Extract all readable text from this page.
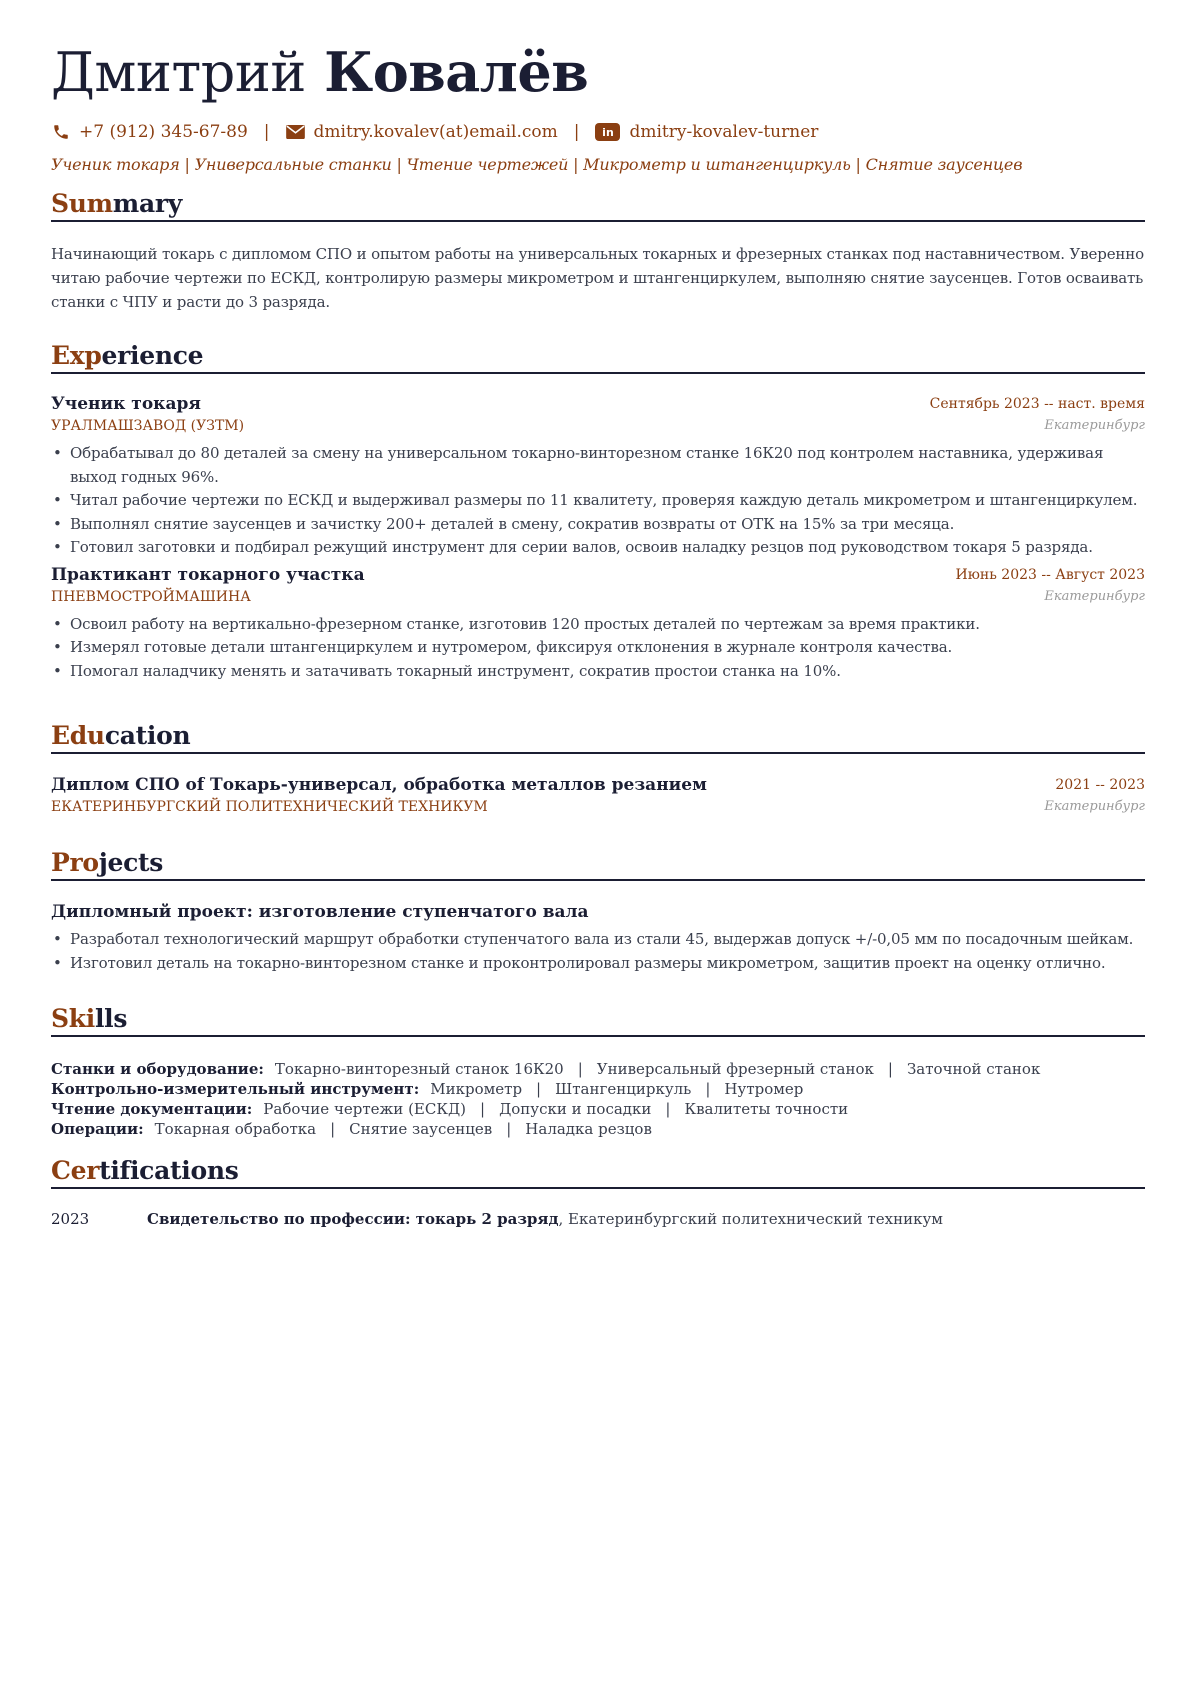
Дмитрий Ковалёв
+7 (912) 345-67-89 |	dmitry.kovalev(at)email.com |	in dmitry-kovalev-turner
Ученик токаря | Универсальные станки | Чтение чертежей | Микрометр и штангенциркуль | Снятие заусенцев
Summary
Начинающий токарь с дипломом СПО и опытом работы на универсальных токарных и фрезерных станках под наставничеством. Уверенно читаю рабочие чертежи по ЕСКД, контролирую размеры микрометром и штангенциркулем, выполняю снятие заусенцев. Готов осваивать станки с ЧПУ и расти до 3 разряда.
Experience
Ученик токаря	Сентябрь 2023 -- наст. время
УРАЛМАШЗАВОД (УЗТМ)	Екатеринбург
• Обрабатывал до 80 деталей за смену на универсальном токарно-винторезном станке 16К20 под контролем наставника, удерживая выход годных 96%.
• Читал рабочие чертежи по ЕСКД и выдерживал размеры по 11 квалитету, проверяя каждую деталь микрометром и штангенциркулем.
• Выполнял снятие заусенцев и зачистку 200+ деталей в смену, сократив возвраты от ОТК на 15% за три месяца.
• Готовил заготовки и подбирал режущий инструмент для серии валов, освоив наладку резцов под руководством токаря 5 разряда.
Практикант токарного участка	Июнь 2023 -- Август 2023
ПНЕВМОСТРОЙМАШИНА	Екатеринбург
• Освоил работу на вертикально-фрезерном станке, изготовив 120 простых деталей по чертежам за время практики.
• Измерял готовые детали штангенциркулем и нутромером, фиксируя отклонения в журнале контроля качества.
• Помогал наладчику менять и затачивать токарный инструмент, сократив простои станка на 10%.
Education
Диплом СПО of Токарь-универсал, обработка металлов резанием	2021 -- 2023
ЕКАТЕРИНБУРГСКИЙ ПОЛИТЕХНИЧЕСКИЙ ТЕХНИКУМ	Екатеринбург
Projects
Дипломный проект: изготовление ступенчатого вала
• Разработал технологический маршрут обработки ступенчатого вала из стали 45, выдержав допуск +/-0,05 мм по посадочным шейкам.
• Изготовил деталь на токарно-винторезном станке и проконтролировал размеры микрометром, защитив проект на оценку отлично.
Skills
Станки и оборудование: Токарно-винторезный станок 16К20 | Универсальный фрезерный станок | Заточной станок
Контрольно-измерительный инструмент: Микрометр | Штангенциркуль | Нутромер
Чтение документации: Рабочие чертежи (ЕСКД) | Допуски и посадки | Квалитеты точности
Операции: Токарная обработка | Снятие заусенцев | Наладка резцов
Certifications
2023	Свидетельство по профессии: токарь 2 разряд, Екатеринбургский политехнический техникум
